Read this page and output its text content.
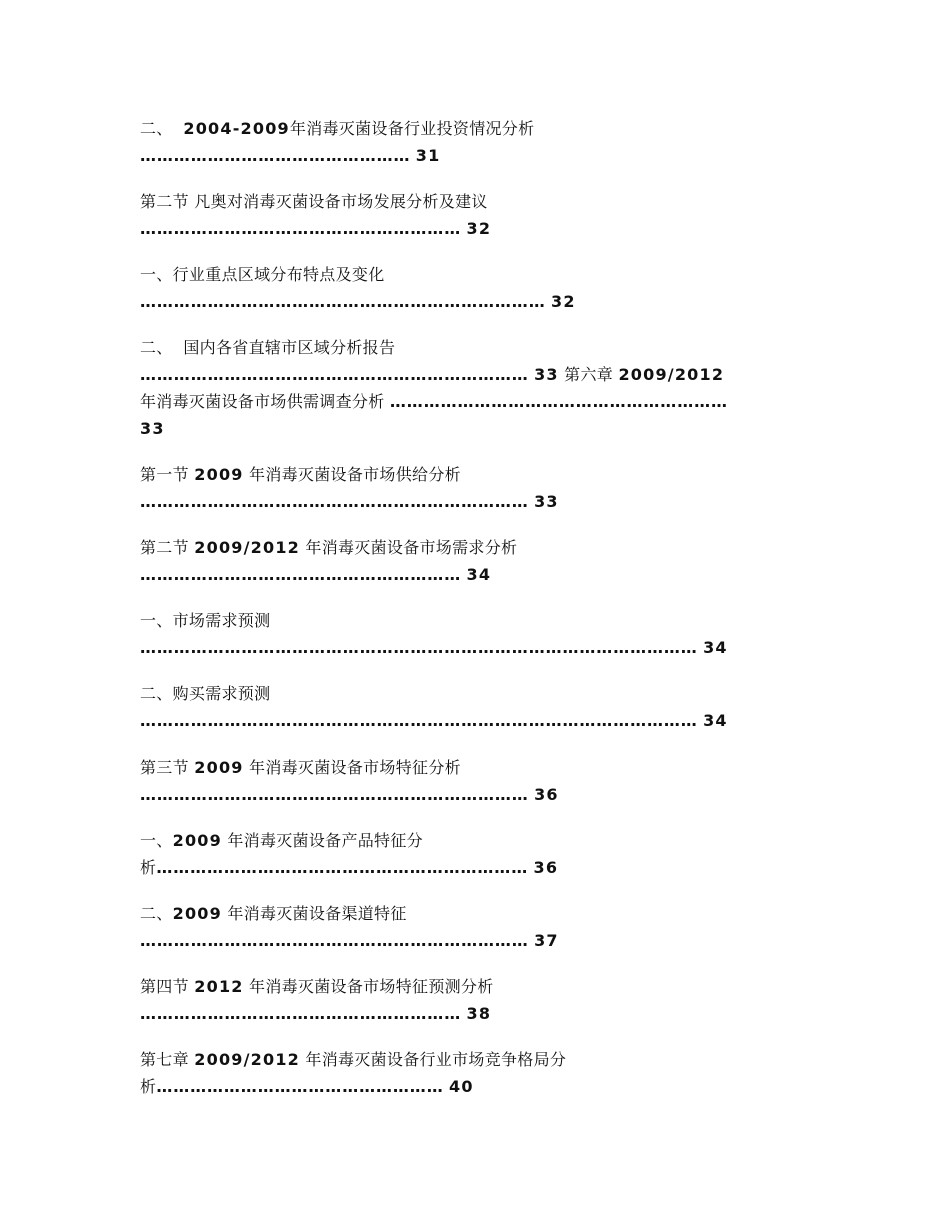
二、  2004-2009年消毒灭菌设备行业投资情况分析

………………………………………… 31

第二节 凡奥对消毒灭菌设备市场发展分析及建议

………………………………………………… 32

一、行业重点区域分布特点及变化

……………………………………………………………… 32

二、  国内各省直辖市区域分析报告

…………………………………………………………… 33 第六章 2009/2012

年消毒灭菌设备市场供需调查分析 ……………………………………………………

33

第一节 2009 年消毒灭菌设备市场供给分析

…………………………………………………………… 33

第二节 2009/2012 年消毒灭菌设备市场需求分析

………………………………………………… 34

一、市场需求预测

……………………………………………………………………………………… 34

二、购买需求预测

……………………………………………………………………………………… 34

第三节 2009 年消毒灭菌设备市场特征分析

…………………………………………………………… 36

一、2009 年消毒灭菌设备产品特征分

析………………………………………………………… 36

二、2009 年消毒灭菌设备渠道特征

…………………………………………………………… 37

第四节 2012 年消毒灭菌设备市场特征预测分析

………………………………………………… 38

第七章 2009/2012 年消毒灭菌设备行业市场竞争格局分

析…………………………………………… 40
